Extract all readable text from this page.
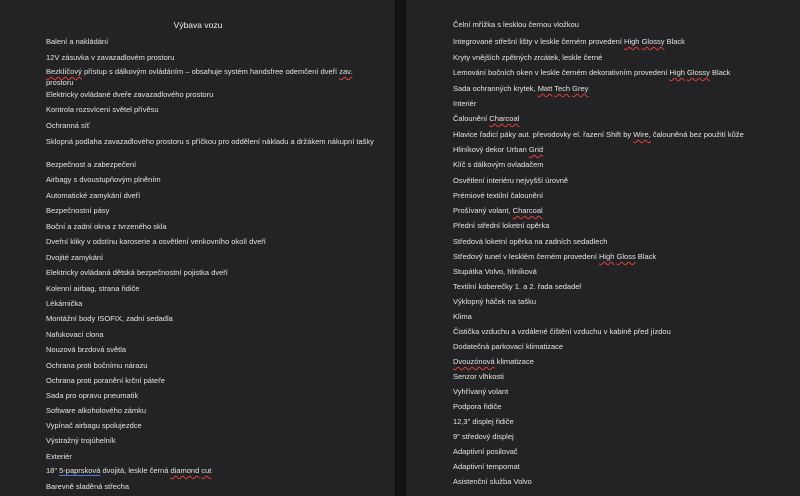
Výbava vozu
Balení a nakládání
12V zásuvka v zavazadlovém prostoru
Bezklíčový přístup s dálkovým ovládáním – obsahuje systém handsfree odemčení dveří zav. prostoru
Elektricky ovládané dveře zavazadlového prostoru
Kontrola rozsvícení světel přívěsu
Ochranná síť
Sklopná podlaha zavazadlového prostoru s příčkou pro oddělení nákladu a držákem nákupní tašky
Bezpečnost a zabezpečení
Airbagy s dvoustupňovým plněním
Automatické zamykání dveří
Bezpečnostní pásy
Boční a zadní okna z tvrzeného skla
Dveřní kliky v odstínu karoserie a osvětlení venkovního okolí dveří
Dvojité zamykání
Elektricky ovládaná dětská bezpečnostní pojistka dveří
Kolenní airbag, strana řidiče
Lékárnička
Montážní body ISOFIX, zadní sedadla
Nafukovací clona
Nouzová brzdová světla
Ochrana proti bočnímu nárazu
Ochrana proti poranění krční páteře
Sada pro opravu pneumatik
Software alkoholového zámku
Vypínač airbagu spolujezdce
Výstražný trojúhelník
Exteriér
18" 5-paprsková dvojitá, leskle černá diamond cut
Barevně sladěná střecha
Čelní mřížka s lesklou černou vložkou
Integrované střešní lišty v leskle černém provedení High Glossy Black
Kryty vnějších zpětných zrcátek, leskle černé
Lemování bočních oken v leskle černém dekorativním provedení High Glossy Black
Sada ochranných krytek, Matt Tech Grey
Interiér
Čalounění Charcoal
Hlavice řadicí páky aut. převodovky el. řazení Shift by Wire, čalouněná bez použití kůže
Hliníkový dekor Urban Grid
Klíč s dálkovým ovladačem
Osvětlení interiéru nejvyšší úrovně
Prémiové textilní čalounění
Prošívaný volant, Charcoal
Přední střední loketní opěrka
Středová loketní opěrka na zadních sedadlech
Středový tunel v lesklém černém provedení High Gloss Black
Stupátka Volvo, hliníková
Textilní koberečky 1. a 2. řada sedadel
Výklopný háček na tašku
Klima
Čistička vzduchu a vzdálené čištění vzduchu v kabině před jízdou
Dodatečná parkovací klimatizace
Dvouzónová klimatizace
Senzor vlhkosti
Vyhřívaný volant
Podpora řidiče
12,3" displej řidiče
9" středový displej
Adaptivní posilovač
Adaptivní tempomat
Asistenční služba Volvo
